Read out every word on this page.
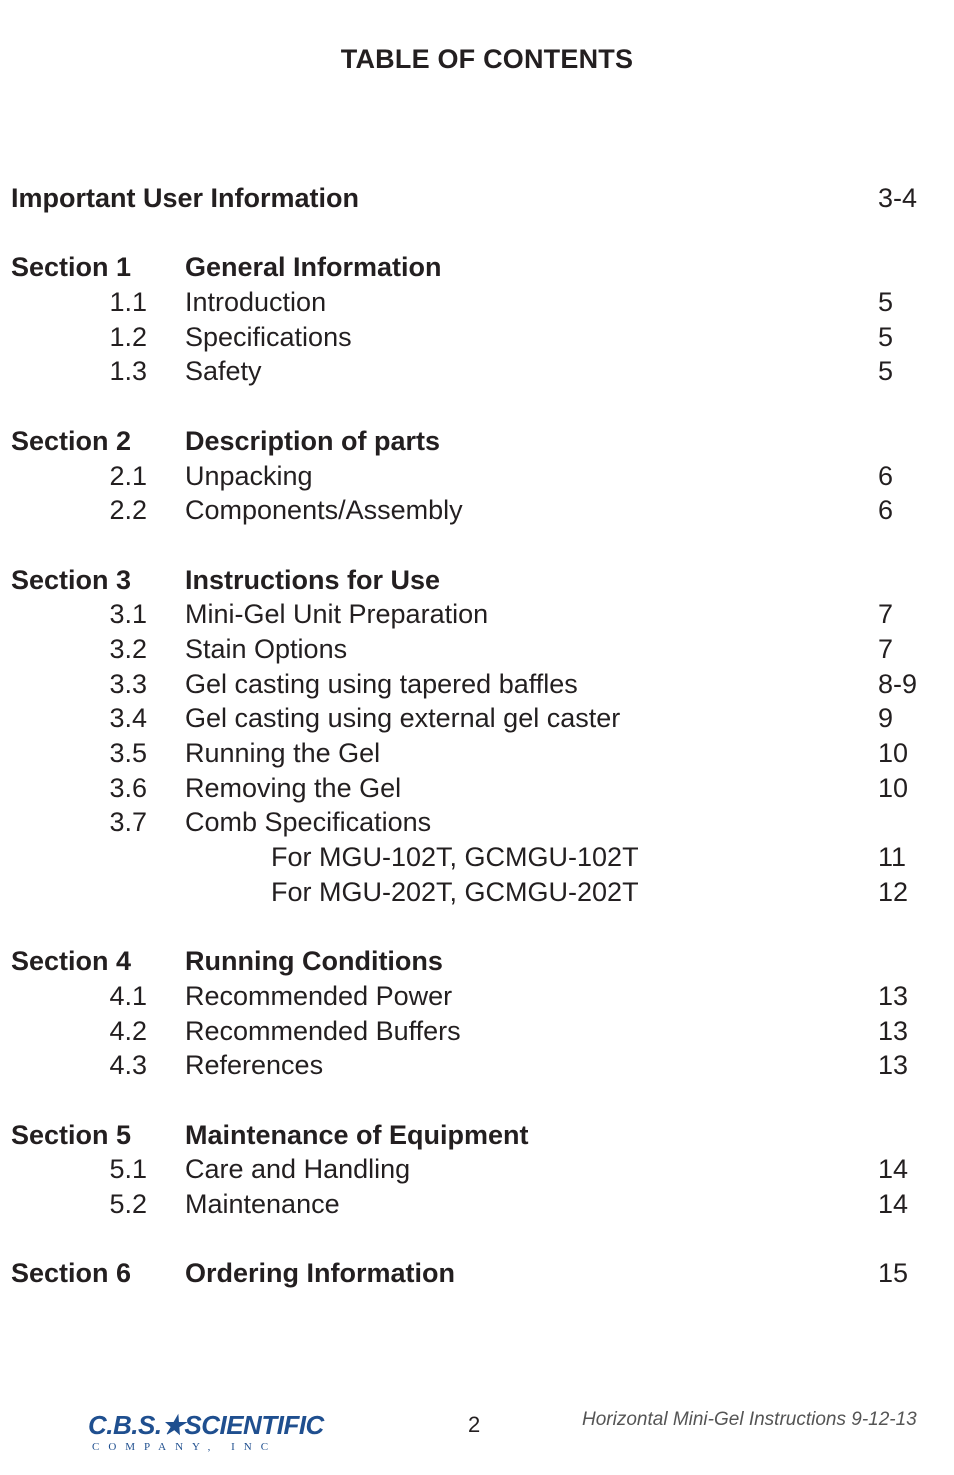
TABLE OF CONTENTS
Important User Information	3-4
Section 1 General Information
1.1 Introduction	5
1.2 Specifications	5
1.3 Safety	5
Section 2 Description of parts
2.1 Unpacking	6
2.2 Components/Assembly	6
Section 3 Instructions for Use
3.1 Mini-Gel Unit Preparation	7
3.2 Stain Options	7
3.3 Gel casting using tapered baffles	8-9
3.4 Gel casting using external gel caster	9
3.5 Running the Gel	10
3.6 Removing the Gel	10
3.7 Comb Specifications
For MGU-102T, GCMGU-102T	11
For MGU-202T, GCMGU-202T	12
Section 4 Running Conditions
4.1 Recommended Power	13
4.2 Recommended Buffers	13
4.3 References	13
Section 5 Maintenance of Equipment
5.1 Care and Handling	14
5.2 Maintenance	14
Section 6 Ordering Information	15
C.B.S.★SCIENTIFIC
COMPANY, INC
2	Horizontal Mini-Gel Instructions 9-12-13
